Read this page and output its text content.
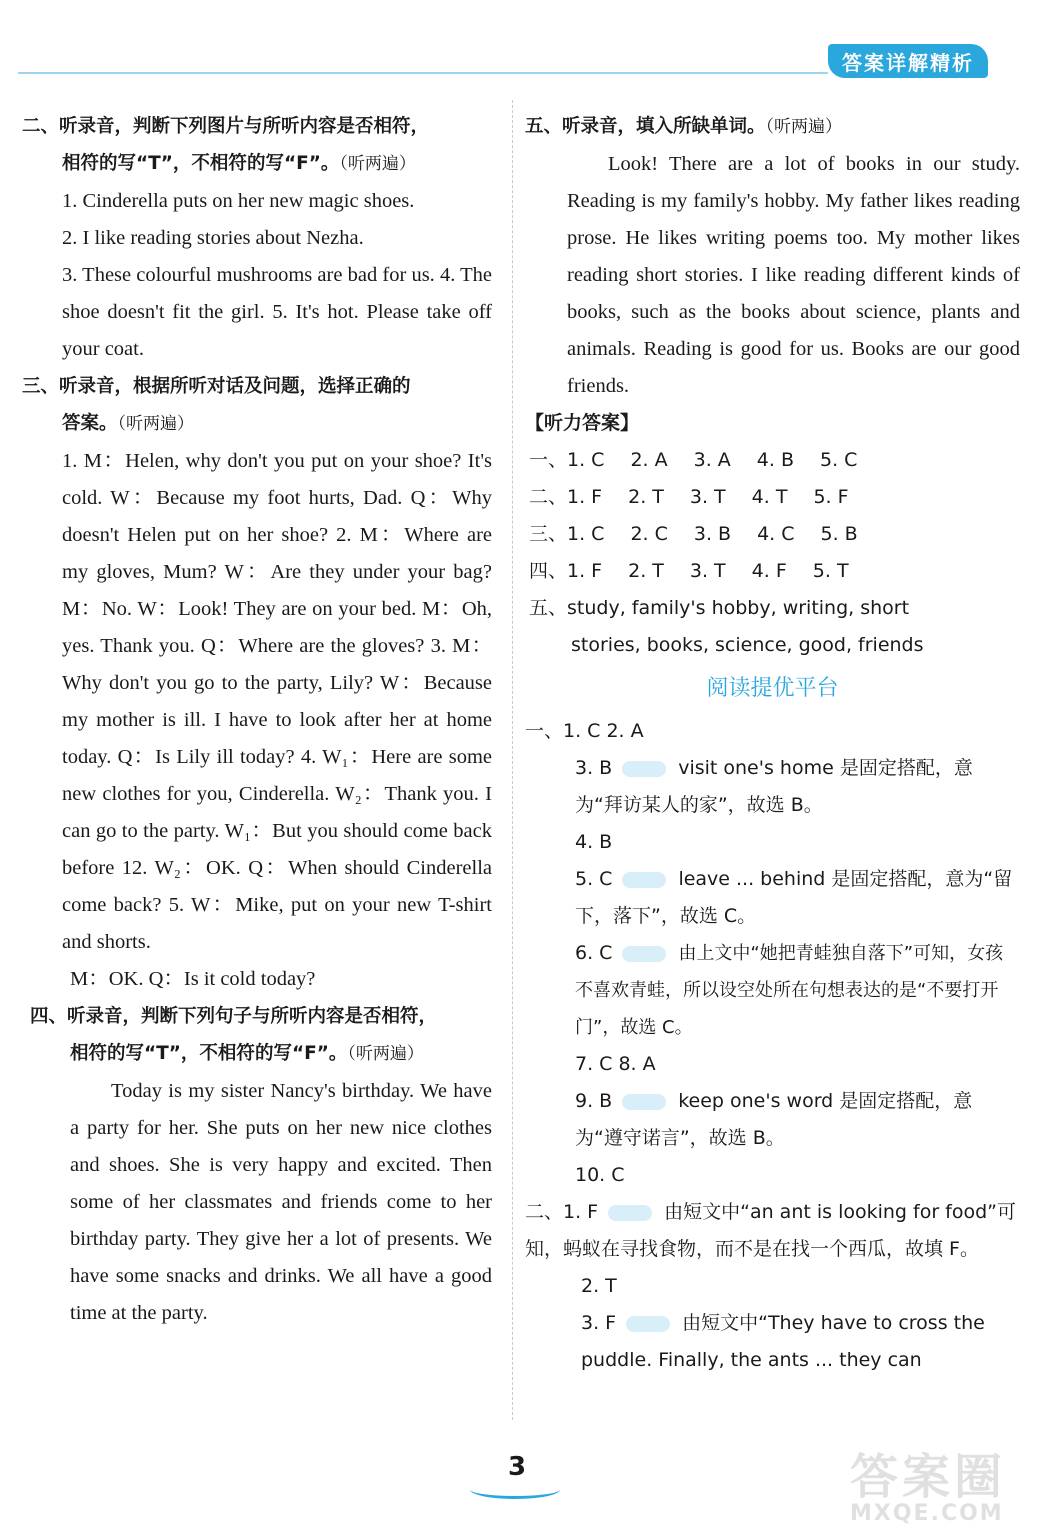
答案详解精析
二、听录音，判断下列图片与所听内容是否相符，
相符的写“T”，不相符的写“F”。（听两遍）
1. Cinderella puts on her new magic shoes.
2. I like reading stories about Nezha.
3. These colourful mushrooms are bad for us. 4. The shoe doesn't fit the girl. 5. It's hot. Please take off your coat.
三、听录音，根据所听对话及问题，选择正确的
答案。（听两遍）
1. M：Helen, why don't you put on your shoe? It's cold. W：Because my foot hurts, Dad. Q：Why doesn't Helen put on her shoe? 2. M：Where are my gloves, Mum? W：Are they under your bag? M：No. W：Look! They are on your bed. M：Oh, yes. Thank you. Q：Where are the gloves? 3. M：Why don't you go to the party, Lily? W：Because my mother is ill. I have to look after her at home today. Q：Is Lily ill today? 4. W₁：Here are some new clothes for you, Cinderella. W₂：Thank you. I can go to the party. W₁：But you should come back before 12. W₂：OK. Q：When should Cinderella come back? 5. W：Mike, put on your new T-shirt and shorts.
M：OK. Q：Is it cold today?
四、听录音，判断下列句子与所听内容是否相符，
相符的写“T”，不相符的写“F”。（听两遍）
Today is my sister Nancy's birthday. We have a party for her. She puts on her new nice clothes and shoes. She is very happy and excited. Then some of her classmates and friends come to her birthday party. They give her a lot of presents. We have some snacks and drinks. We all have a good time at the party.
五、听录音，填入所缺单词。（听两遍）
Look! There are a lot of books in our study. Reading is my family's hobby. My father likes reading prose. He likes writing poems too. My mother likes reading short stories. I like reading different kinds of books, such as the books about science, plants and animals. Reading is good for us. Books are our good friends.
【听力答案】
一、1. C 2. A 3. A 4. B 5. C
二、1. F 2. T 3. T 4. T 5. F
三、1. C 2. C 3. B 4. C 5. B
四、1. F 2. T 3. T 4. F 5. T
五、study, family's hobby, writing, short
stories, books, science, good, friends
阅读提优平台
一、1. C 2. A
3. B	visit one's home 是固定搭配，意为“拜访某人的家”，故选 B。
4. B
5. C	leave ... behind 是固定搭配，意为“留下，落下”，故选 C。
6. C	由上文中“她把青蛙独自落下”可知，女孩不喜欢青蛙，所以设空处所在句想表达的是“不要打开门”，故选 C。
7. C 8. A
9. B	keep one's word 是固定搭配，意为“遵守诺言”，故选 B。
10. C
二、1. F	由短文中“an ant is looking for food”可知，蚂蚁在寻找食物，而不是在找一个西瓜，故填 F。
2. T
3. F	由短文中“They have to cross the puddle. Finally, the ants ... they can
3	答案圈
MXQE.COM
